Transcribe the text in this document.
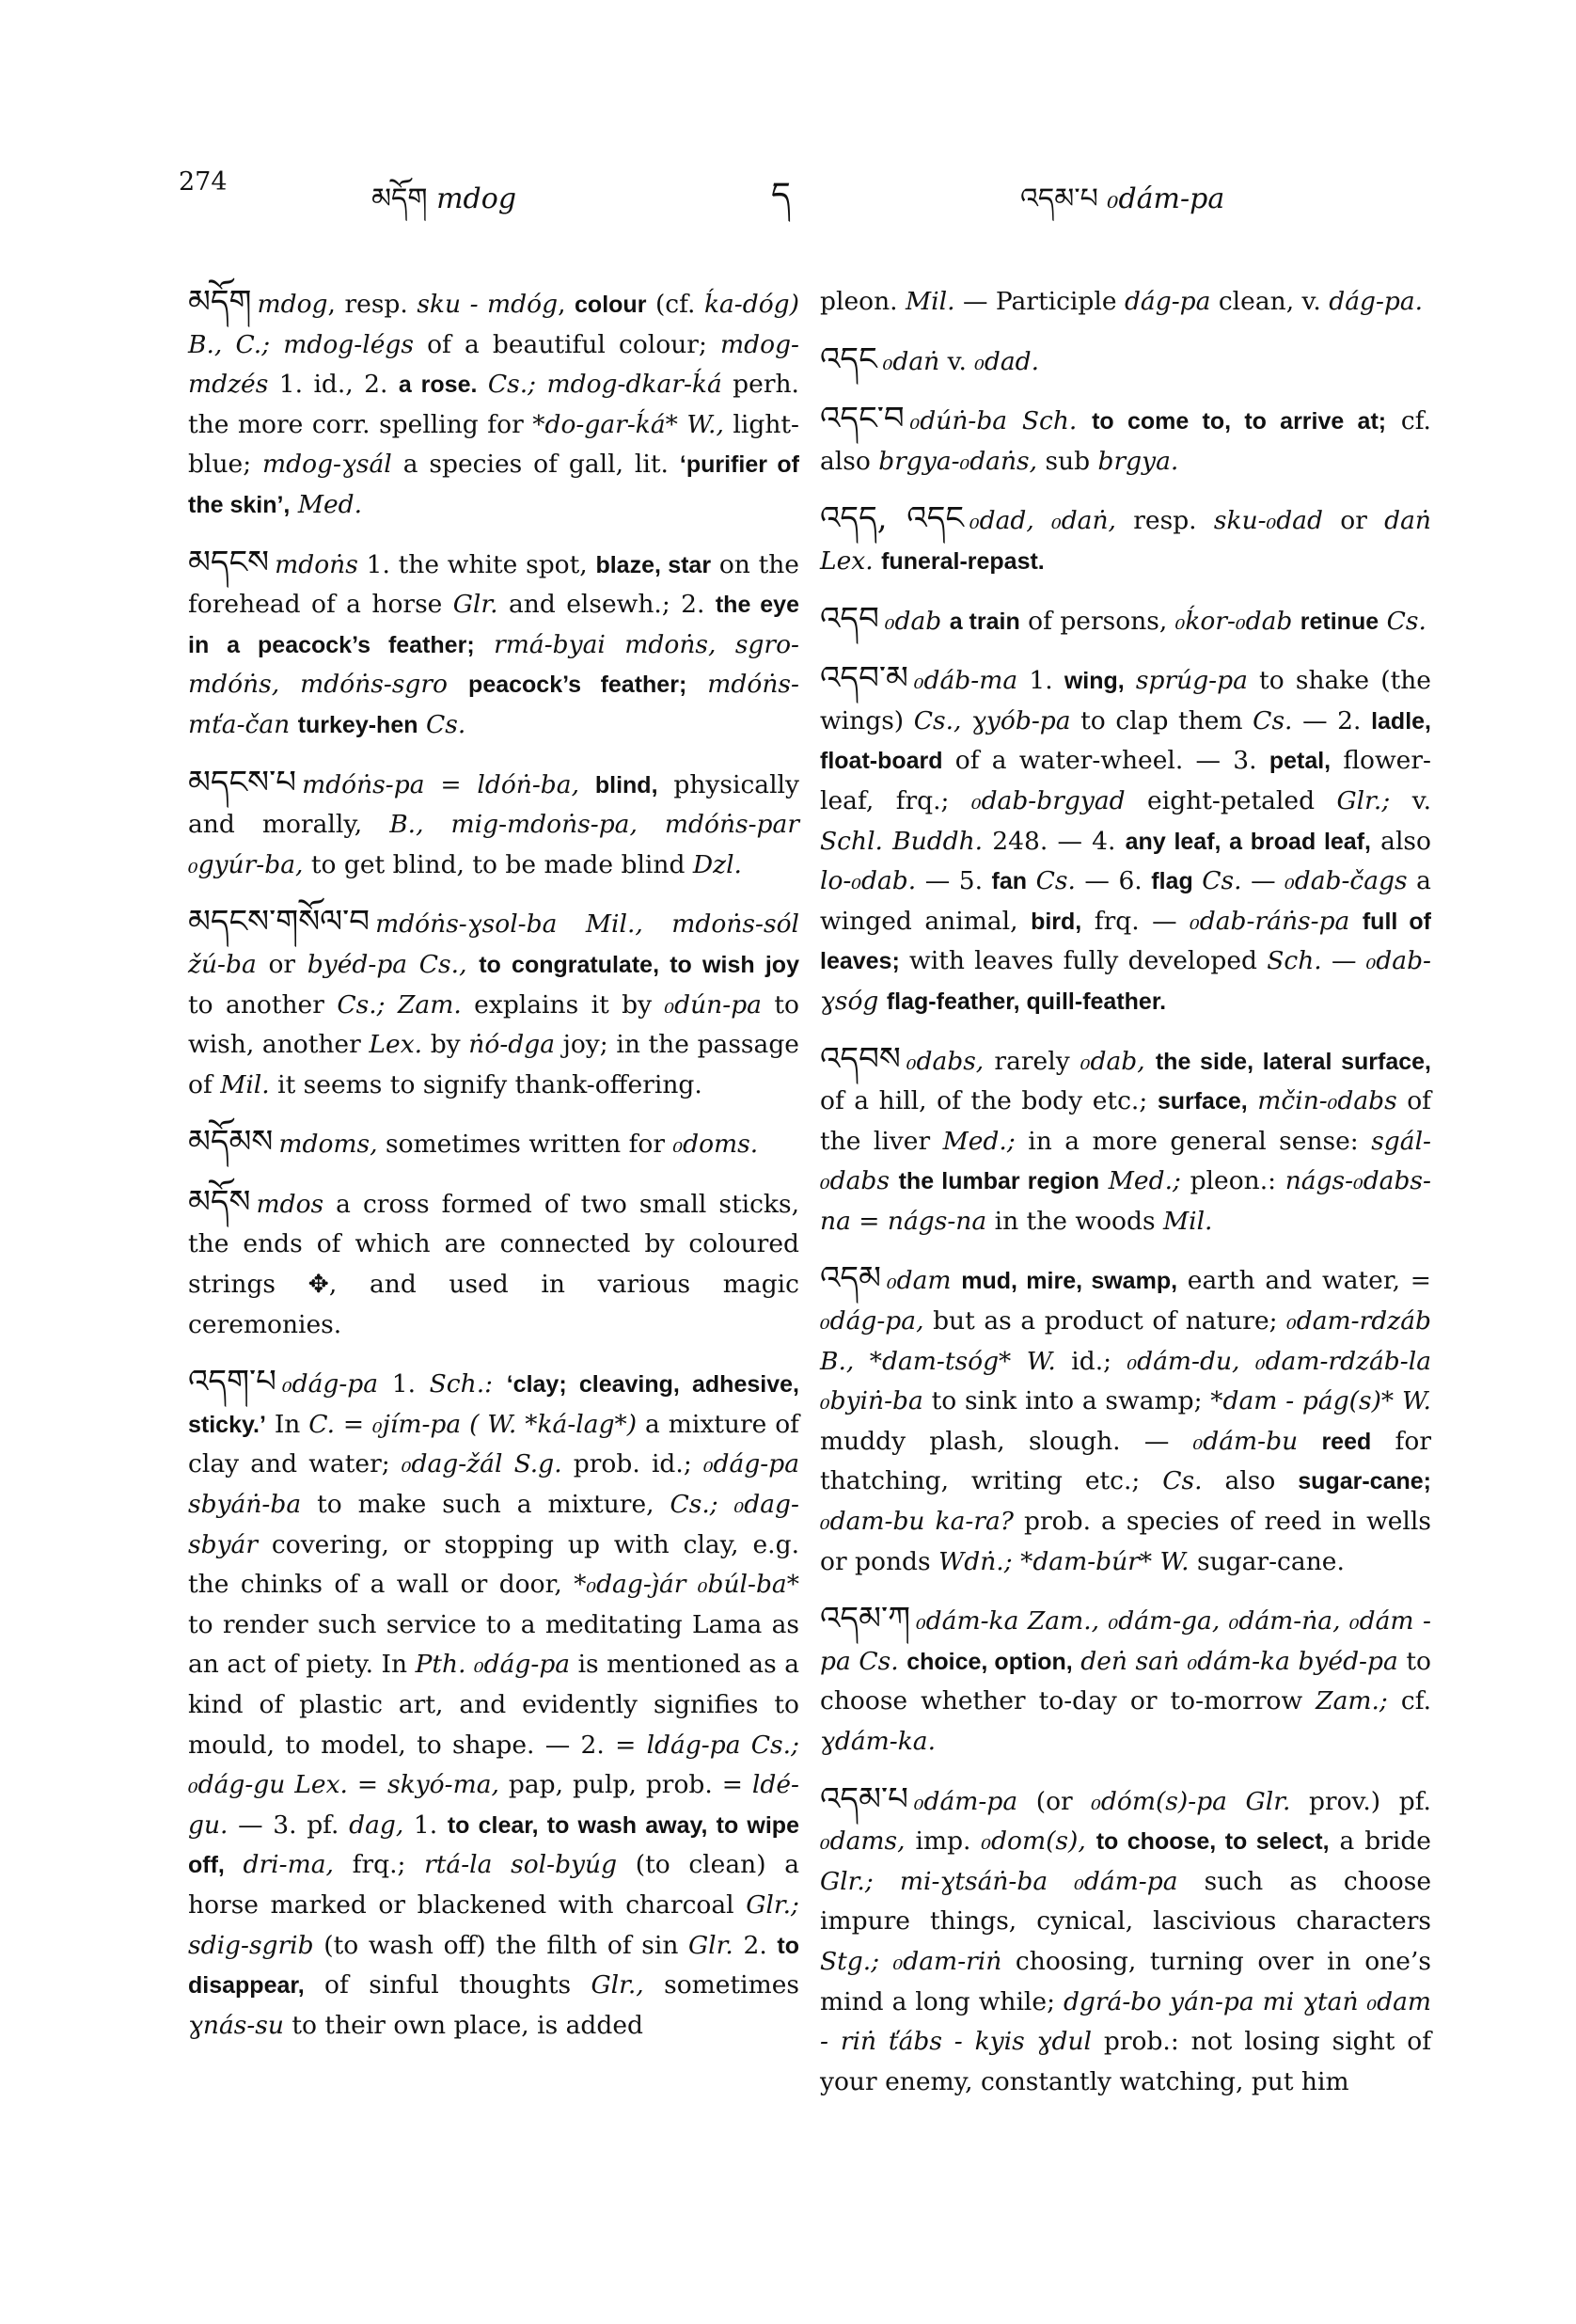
274
མདོག mdog	ད	འདམ་པ ₀dám-pa

མདོག mdog, resp. sku - mdóg, colour (cf. ḱa-dóg) B., C.; mdog-légs of a beautiful colour; mdog-mdzés 1. id., 2. a rose. Cs.; mdog-dkar-ḱá perh. the more corr. spelling for *do-gar-ḱá* W., light-blue; mdog-ɣsál a species of gall, lit. ‘purifier of the skin’, Med.

མདངས mdoṅs 1. the white spot, blaze, star on the forehead of a horse Glr. and elsewh.; 2. the eye in a peacock’s feather; rmá-byai mdoṅs, sgro-mdóṅs, mdóṅs-sgro peacock’s feather; mdóṅs-mťa-čan turkey-hen Cs.

མདངས་པ mdóṅs-pa = ldóṅ-ba, blind, physically and morally, B., mig-mdoṅs-pa, mdóṅs-par ₀gyúr-ba, to get blind, to be made blind Dzl.

མདངས་གསོལ་བ mdóṅs-ɣsol-ba Mil., mdoṅs-sól žú-ba or byéd-pa Cs., to congratulate, to wish joy to another Cs.; Zam. explains it by ₀dún-pa to wish, another Lex. by ṅó-dga joy; in the passage of Mil. it seems to signify thank-offering.

མདོམས mdoms, sometimes written for ₀doms.

མདོས mdos a cross formed of two small sticks, the ends of which are connected by coloured strings ✥, and used in various magic ceremonies.

འདག་པ ₀dág-pa 1. Sch.: ‘clay; cleaving, adhesive, sticky.’ In C. = ₀jím-pa ( W. *ká-lag*) a mixture of clay and water; ₀dag-žál S.g. prob. id.; ₀dág-pa sbyáṅ-ba to make such a mixture, Cs.; ₀dag-sbyár covering, or stopping up with clay, e.g. the chinks of a wall or door, *₀dag-ȷ̀ár ₀búl-ba* to render such service to a meditating Lama as an act of piety. In Pth. ₀dág-pa is mentioned as a kind of plastic art, and evidently signifies to mould, to model, to shape. — 2. = ldág-pa Cs.; ₀dág-gu Lex. = skyó-ma, pap, pulp, prob. = ldé-gu. — 3. pf. dag, 1. to clear, to wash away, to wipe off, dri-ma, frq.; rtá-la sol-byúg (to clean) a horse marked or blackened with charcoal Glr.; sdig-sgrib (to wash off) the filth of sin Glr. 2. to disappear, of sinful thoughts Glr., sometimes ɣnás-su to their own place, is added

pleon. Mil. — Participle dág-pa clean, v. dág-pa.

འདང ₀daṅ v. ₀dad.

འདང་བ ₀dúṅ-ba Sch. to come to, to arrive at; cf. also brgya-₀daṅs, sub brgya.

འདད, འདང ₀dad, ₀daṅ, resp. sku-₀dad or daṅ Lex. funeral-repast.

འདབ ₀dab a train of persons, ₀ḱor-₀dab retinue Cs.

འདབ་མ ₀dáb-ma 1. wing, sprúg-pa to shake (the wings) Cs., ɣyób-pa to clap them Cs. — 2. ladle, float-board of a water-wheel. — 3. petal, flower-leaf, frq.; ₀dab-brgyad eight-petaled Glr.; v. Schl. Buddh. 248. — 4. any leaf, a broad leaf, also lo-₀dab. — 5. fan Cs. — 6. flag Cs. — ₀dab-čags a winged animal, bird, frq. — ₀dab-ráṅs-pa full of leaves; with leaves fully developed Sch. — ₀dab-ɣsóg flag-feather, quill-feather.

འདབས ₀dabs, rarely ₀dab, the side, lateral surface, of a hill, of the body etc.; surface, mčin-₀dabs of the liver Med.; in a more general sense: sgál-₀dabs the lumbar region Med.; pleon.: nágs-₀dabs-na = nágs-na in the woods Mil.

འདམ ₀dam mud, mire, swamp, earth and water, = ₀dág-pa, but as a product of nature; ₀dam-rdzáb B., *dam-tsóg* W. id.; ₀dám-du, ₀dam-rdzáb-la ₀byiṅ-ba to sink into a swamp; *dam - pág(s)* W. muddy plash, slough. — ₀dám-bu reed for thatching, writing etc.; Cs. also sugar-cane; ₀dam-bu ka-ra? prob. a species of reed in wells or ponds Wdṅ.; *dam-búr* W. sugar-cane.

འདམ་ཀ ₀dám-ka Zam., ₀dám-ga, ₀dám-ṅa, ₀dám - pa Cs. choice, option, deṅ saṅ ₀dám-ka byéd-pa to choose whether to-day or to-morrow Zam.; cf. ɣdám-ka.

འདམ་པ ₀dám-pa (or ₀dóm(s)-pa Glr. prov.) pf. ₀dams, imp. ₀dom(s), to choose, to select, a bride Glr.; mi-ɣtsáṅ-ba ₀dám-pa such as choose impure things, cynical, lascivious characters Stg.; ₀dam-riṅ choosing, turning over in one’s mind a long while; dgrá-bo yán-pa mi ɣtaṅ ₀dam - riṅ ťábs - kyis ɣdul prob.: not losing sight of your enemy, constantly watching, put him
